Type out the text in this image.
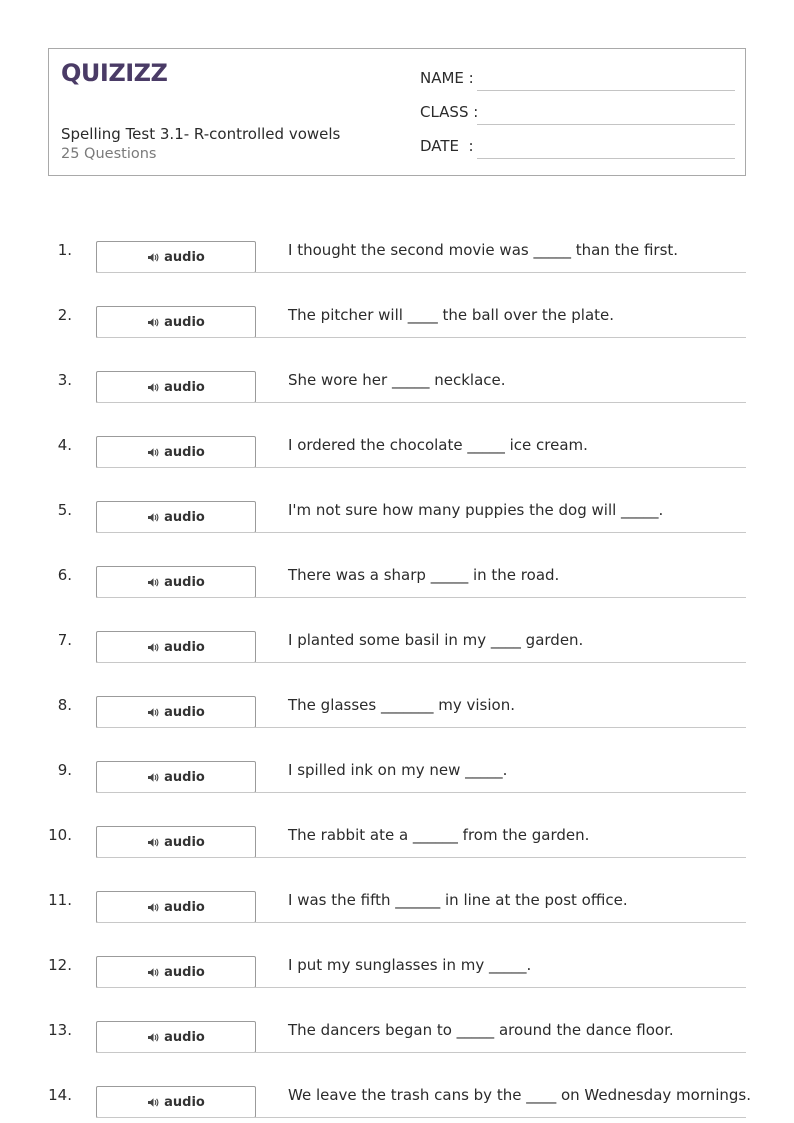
QUIZIZZ
Spelling Test 3.1- R-controlled vowels
25 Questions
NAME :
CLASS :
DATE  :
1.	audio	I thought the second movie was _____ than the first.
2.	audio	The pitcher will ____ the ball over the plate.
3.	audio	She wore her _____ necklace.
4.	audio	I ordered the chocolate _____ ice cream.
5.	audio	I'm not sure how many puppies the dog will _____.
6.	audio	There was a sharp _____ in the road.
7.	audio	I planted some basil in my ____ garden.
8.	audio	The glasses _______ my vision.
9.	audio	I spilled ink on my new _____.
10.	audio	The rabbit ate a ______ from the garden.
11.	audio	I was the fifth ______ in line at the post office.
12.	audio	I put my sunglasses in my _____.
13.	audio	The dancers began to _____ around the dance floor.
14.	audio	We leave the trash cans by the ____ on Wednesday mornings.
